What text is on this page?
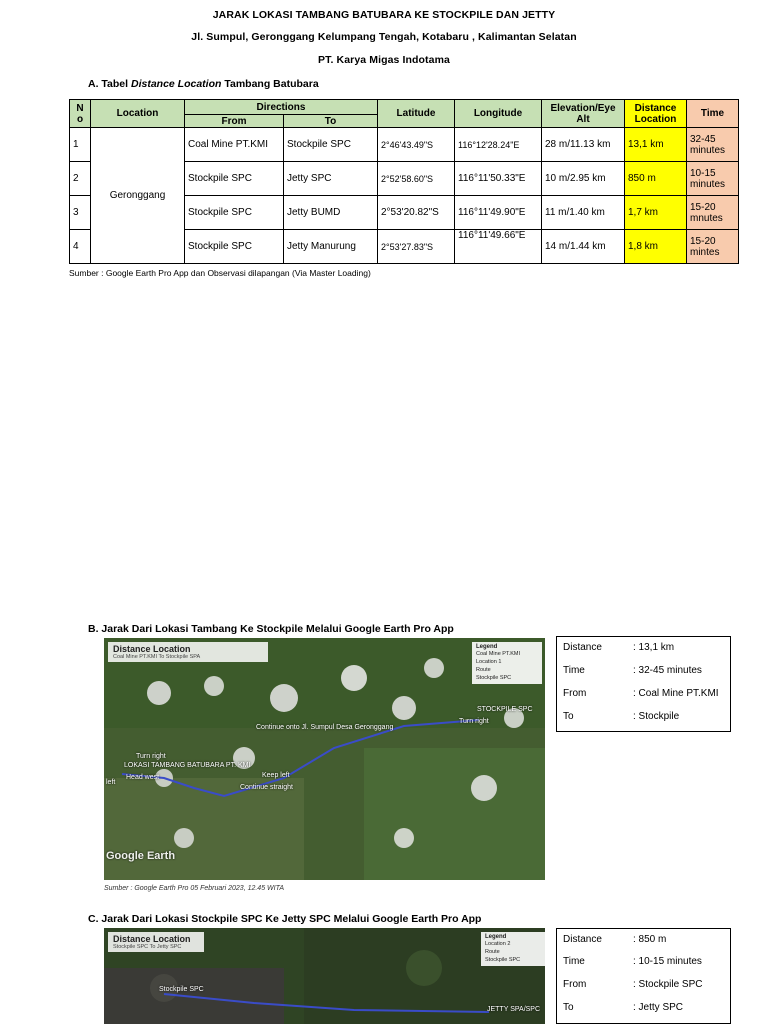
JARAK LOKASI TAMBANG BATUBARA KE STOCKPILE DAN JETTY
Jl. Sumpul, Geronggang Kelumpang Tengah, Kotabaru , Kalimantan Selatan
PT. Karya Migas Indotama
A. Tabel Distance Location Tambang Batubara
N o	Location	Directions		Latitude	Longitude	Elevation/Eye Alt	Distance Location	Time
		From	To					
1	Geronggang	Coal Mine PT.KMI	Stockpile SPC	2°46'43.49"S	116°12'28.24"E	28 m/11.13 km	13,1 km	32-45 minutes
2		Stockpile SPC	Jetty SPC	2°52'58.60"S	116°11'50.33"E	10 m/2.95 km	850 m	10-15 minutes
3		Stockpile SPC	Jetty BUMD	2°53'20.82"S	116°11'49.90"E	11 m/1.40 km	1,7 km	15-20 mnutes
4		Stockpile SPC	Jetty Manurung	2°53'27.83"S	116°11'49.66"E	14 m/1.44 km	1,8 km	15-20 mintes
Sumber : Google Earth Pro App dan Observasi dilapangan (Via Master Loading)
B. Jarak Dari Lokasi Tambang Ke Stockpile Melalui Google Earth Pro App
Distance Location
Coal Mine PT.KMI To Stockpile SPA
Legend
Coal Mine PT.KMI
Location 1
Route
Stockpile SPC
STOCKPILE SPC
Continue onto Jl. Sumpul Desa Geronggang
Turn right
Turn right
LOKASI TAMBANG BATUBARA PT. KMI
Head west
left
Keep left
Continue straight
Google Earth
Distance	: 13,1 km
Time	: 32-45 minutes
From	: Coal Mine PT.KMI
To	: Stockpile
Sumber : Google Earth Pro 05 Februari 2023, 12.45 WITA
C. Jarak Dari Lokasi Stockpile SPC Ke Jetty SPC Melalui Google Earth Pro App
Distance Location
Stockpile SPC To Jetty SPC
Legend
Location 2
Route
Stockpile SPC
Stockpile SPC
JETTY SPA/SPC
Distance	: 850 m
Time	: 10-15 minutes
From	: Stockpile SPC
To	: Jetty SPC
